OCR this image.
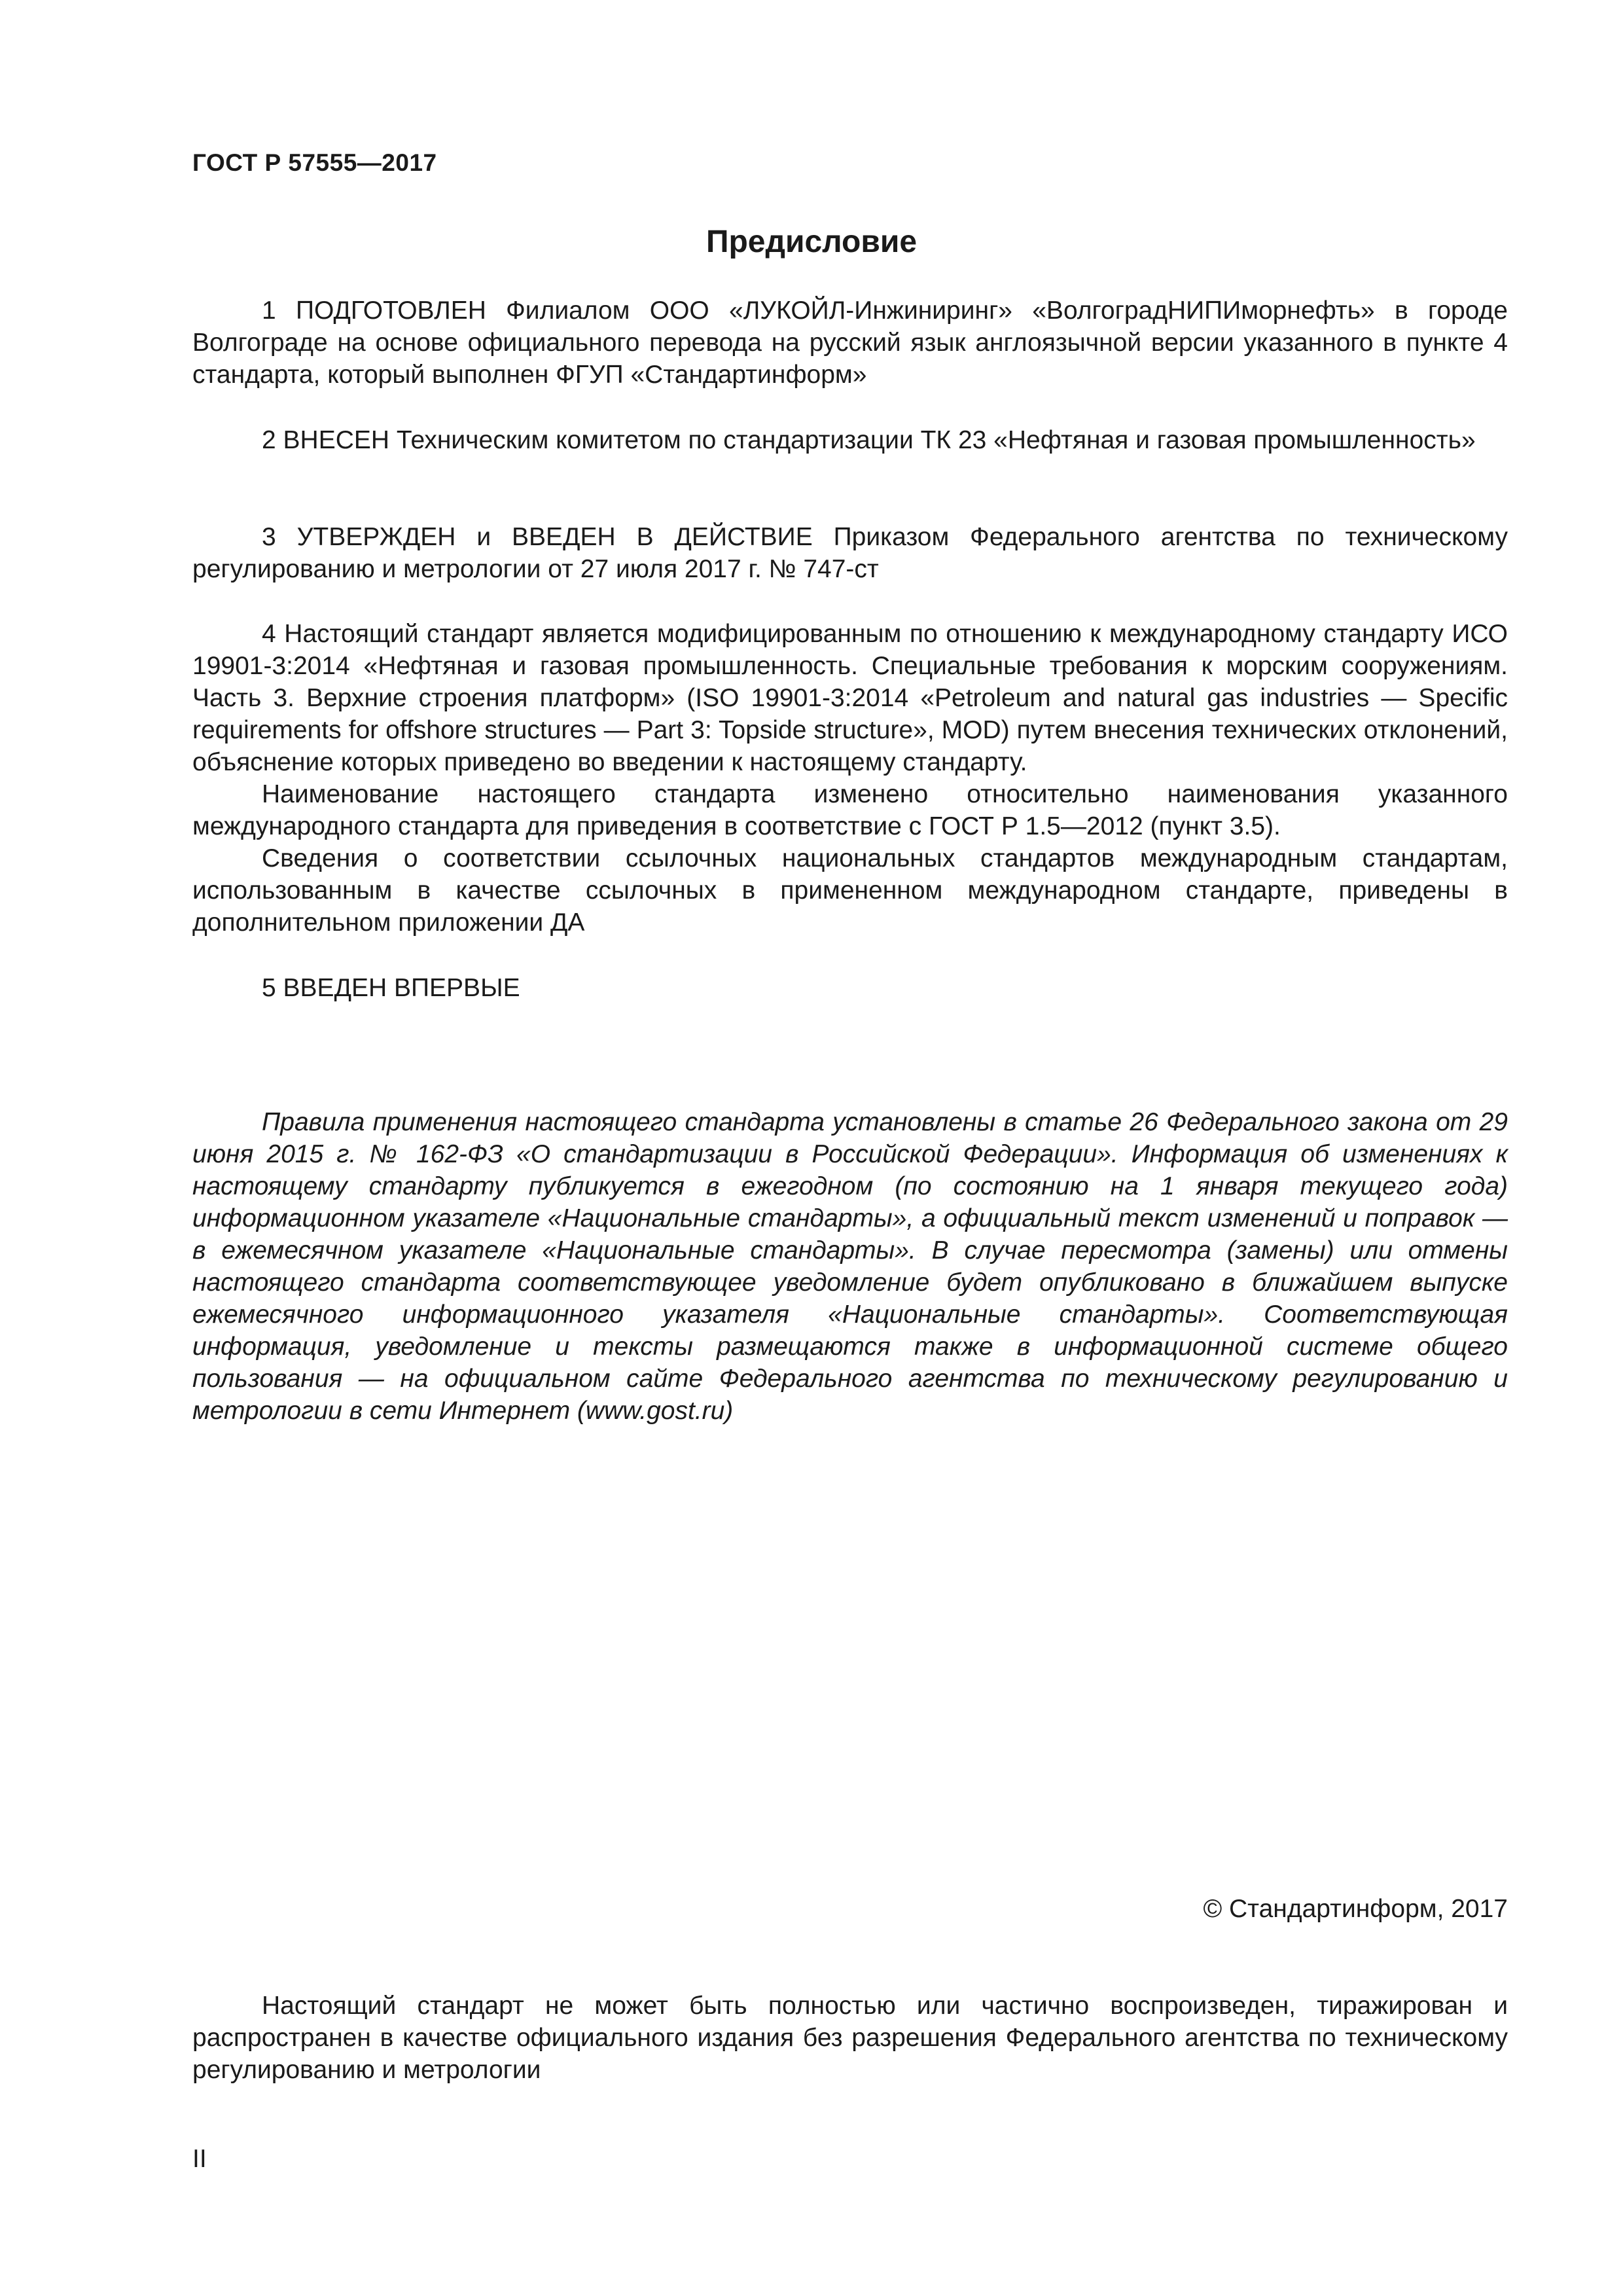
ГОСТ Р 57555—2017
Предисловие

1 ПОДГОТОВЛЕН Филиалом ООО «ЛУКОЙЛ-Инжиниринг» «ВолгоградНИПИморнефть» в городе Волгограде на основе официального перевода на русский язык англоязычной версии указанного в пункте 4 стандарта, который выполнен ФГУП «Стандартинформ»

2 ВНЕСЕН Техническим комитетом по стандартизации ТК 23 «Нефтяная и газовая промышленность»

3 УТВЕРЖДЕН и ВВЕДЕН В ДЕЙСТВИЕ Приказом Федерального агентства по техническому регулированию и метрологии от 27 июля 2017 г. № 747-ст

4 Настоящий стандарт является модифицированным по отношению к международному стандарту ИСО 19901-3:2014 «Нефтяная и газовая промышленность. Специальные требования к морским сооружениям. Часть 3. Верхние строения платформ» (ISO 19901-3:2014 «Petroleum and natural gas industries — Specific requirements for offshore structures — Part 3: Topside structure», MOD) путем внесения технических отклонений, объяснение которых приведено во введении к настоящему стандарту.

Наименование настоящего стандарта изменено относительно наименования указанного международного стандарта для приведения в соответствие с ГОСТ Р 1.5—2012 (пункт 3.5).

Сведения о соответствии ссылочных национальных стандартов международным стандартам, использованным в качестве ссылочных в примененном международном стандарте, приведены в дополнительном приложении ДА

5 ВВЕДЕН ВПЕРВЫЕ

Правила применения настоящего стандарта установлены в статье 26 Федерального закона от 29 июня 2015 г. № 162-ФЗ «О стандартизации в Российской Федерации». Информация об изменениях к настоящему стандарту публикуется в ежегодном (по состоянию на 1 января текущего года) информационном указателе «Национальные стандарты», а официальный текст изменений и поправок — в ежемесячном указателе «Национальные стандарты». В случае пересмотра (замены) или отмены настоящего стандарта соответствующее уведомление будет опубликовано в ближайшем выпуске ежемесячного информационного указателя «Национальные стандарты». Соответствующая информация, уведомление и тексты размещаются также в информационной системе общего пользования — на официальном сайте Федерального агентства по техническому регулированию и метрологии в сети Интернет (www.gost.ru)

© Стандартинформ, 2017

Настоящий стандарт не может быть полностью или частично воспроизведен, тиражирован и распространен в качестве официального издания без разрешения Федерального агентства по техническому регулированию и метрологии

II
